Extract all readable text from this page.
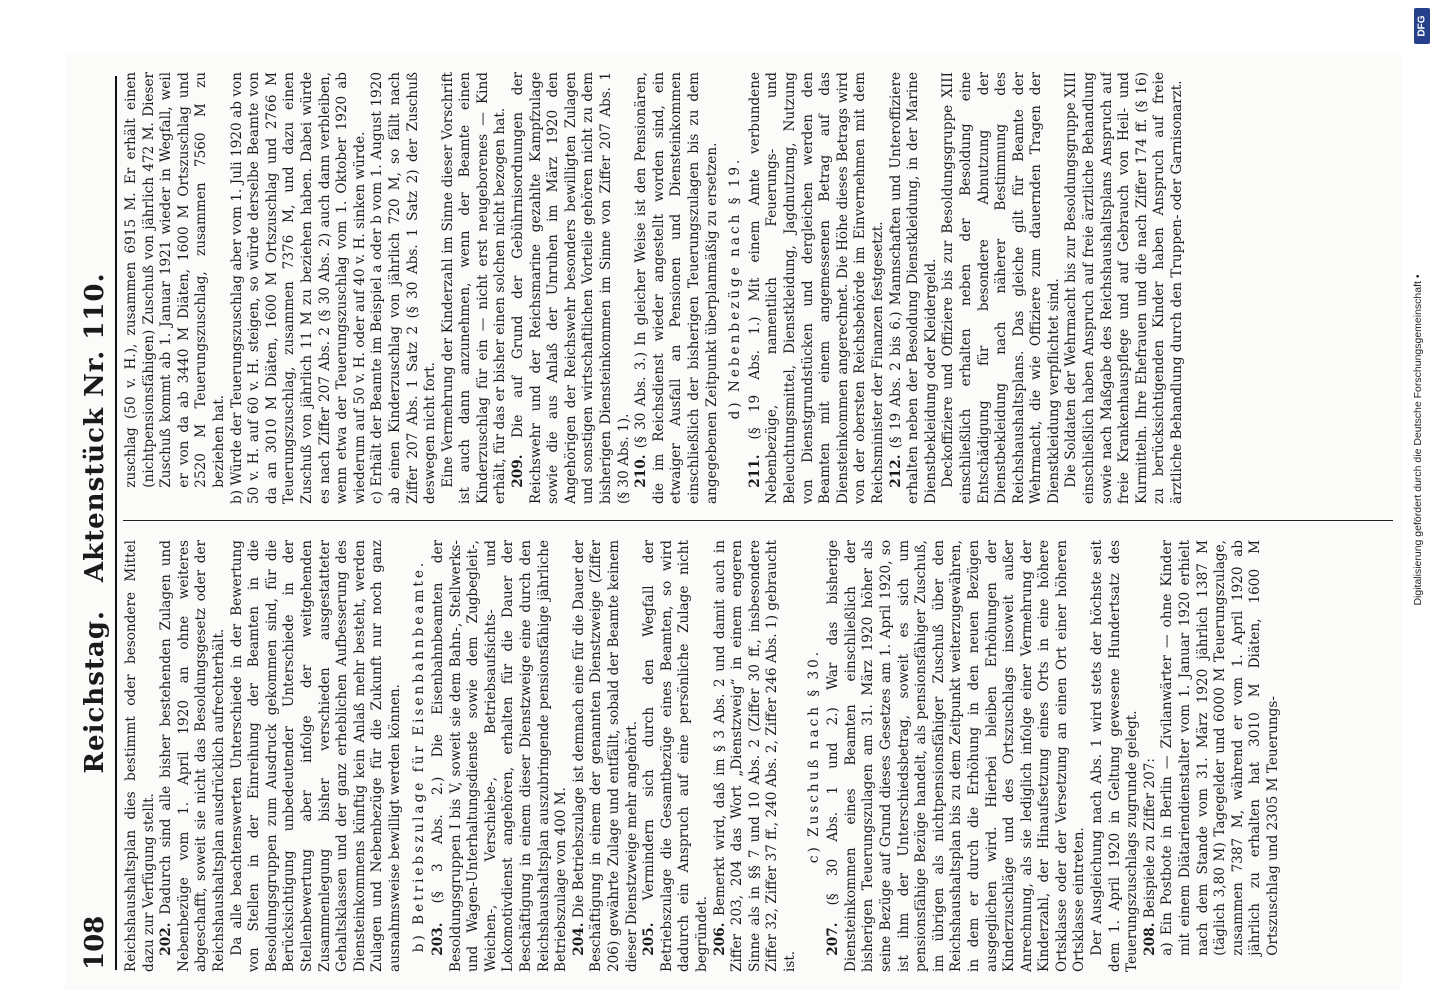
108
Reichstag.Aktenstück Nr. 110.

Reichshaushaltsplan dies bestimmt oder besondere Mittel dazu zur Verfügung stellt. 202. Dadurch sind alle bisher bestehenden Zulagen und Nebenbezüge vom 1. April 1920 an ohne weiteres abgeschafft, soweit sie nicht das Besoldungsgesetz oder der Reichshaushaltsplan ausdrücklich aufrechterhält. Da alle beachtenswerten Unterschiede in der Bewertung von Stellen in der Einreihung der Beamten in die Besoldungsgruppen zum Ausdruck gekommen sind, für die Berücksichtigung unbedeutender Unterschiede in der Stellenbewertung aber infolge der weitgehenden Zusammenlegung bisher verschieden ausgestatteter Gehaltsklassen und der ganz erheblichen Aufbesserung des Diensteinkommens künftig kein Anlaß mehr besteht, werden Zulagen und Nebenbezüge für die Zukunft nur noch ganz ausnahmsweise bewilligt werden können. b) Betriebszulage für Eisenbahnbeamte. 203. (§ 3 Abs. 2.) Die Eisenbahnbeamten der Besoldungsgruppen I bis V, soweit sie dem Bahn-, Stellwerks- und Wagen-Unterhaltungsdienste sowie dem Zugbegleit-, Weichen-, Verschiebe-, Betriebsaufsichts- und Lokomotivdienst angehören, erhalten für die Dauer der Beschäftigung in einem dieser Dienstzweige eine durch den Reichshaushaltsplan auszubringende pensionsfähige jährliche Betriebszulage von 400 M. 204. Die Betriebszulage ist demnach eine für die Dauer der Beschäftigung in einem der genannten Dienstzweige (Ziffer 206) gewährte Zulage und entfällt, sobald der Beamte keinem dieser Dienstzweige mehr angehört. 205. Vermindern sich durch den Wegfall der Betriebszulage die Gesamtbezüge eines Beamten, so wird dadurch ein Anspruch auf eine persönliche Zulage nicht begründet. 206. Bemerkt wird, daß im § 3 Abs. 2 und damit auch in Ziffer 203, 204 das Wort „Dienstzweig“ in einem engeren Sinne als in §§ 7 und 10 Abs. 2 (Ziffer 30 ff., insbesondere Ziffer 32, Ziffer 37 ff., 240 Abs. 2, Ziffer 246 Abs. 1) gebraucht ist.

c) Zuschuß nach § 30.

207. (§ 30 Abs. 1 und 2.) War das bisherige Diensteinkommen eines Beamten einschließlich der bisherigen Teuerungszulagen am 31. März 1920 höher als seine Bezüge auf Grund dieses Gesetzes am 1. April 1920, so ist ihm der Unterschiedsbetrag, soweit es sich um pensionsfähige Bezüge handelt, als pensionsfähiger Zuschuß, im übrigen als nichtpensionsfähiger Zuschuß über den Reichshaushaltsplan bis zu dem Zeitpunkt weiterzugewähren, in dem er durch die Erhöhung in den neuen Bezügen ausgeglichen wird. Hierbei bleiben Erhöhungen der Kinderzuschläge und des Ortszuschlags insoweit außer Anrechnung, als sie lediglich infolge einer Vermehrung der Kinderzahl, der Hinaufsetzung eines Orts in eine höhere Ortsklasse oder der Versetzung an einen Ort einer höheren Ortsklasse eintreten. Der Ausgleichung nach Abs. 1 wird stets der höchste seit dem 1. April 1920 in Geltung gewesene Hundertsatz des Teuerungszuschlags zugrunde gelegt. 208. Beispiele zu Ziffer 207: a) Ein Postbote in Berlin — Zivilanwärter — ohne Kinder mit einem Diätariendienstalter vom 1. Januar 1920 erhielt nach dem Stande vom 31. März 1920 jährlich 1387 M (täglich 3,80 M) Tagegelder und 6000 M Teuerungszulage, zusammen 7387 M, während er vom 1. April 1920 ab jährlich zu erhalten hat 3010 M Diäten, 1600 M Ortszuschlag und 2305 M Teuerungs-

zuschlag (50 v. H.), zusammen 6915 M. Er erhält einen (nichtpensionsfähigen) Zuschuß von jährlich 472 M. Dieser Zuschuß kommt ab 1. Januar 1921 wieder in Wegfall, weil er von da ab 3440 M Diäten, 1600 M Ortszuschlag und 2520 M Teuerungszuschlag, zusammen 7560 M zu beziehen hat. b) Würde der Teuerungszuschlag aber vom 1. Juli 1920 ab von 50 v. H. auf 60 v. H. steigen, so würde derselbe Beamte von da an 3010 M Diäten, 1600 M Ortszuschlag und 2766 M Teuerungszuschlag, zusammen 7376 M, und dazu einen Zuschuß von jährlich 11 M zu beziehen haben. Dabei würde es nach Ziffer 207 Abs. 2 (§ 30 Abs. 2) auch dann verbleiben, wenn etwa der Teuerungszuschlag vom 1. Oktober 1920 ab wiederum auf 50 v. H. oder auf 40 v. H. sinken würde. c) Erhält der Beamte im Beispiel a oder b vom 1. August 1920 ab einen Kinderzuschlag von jährlich 720 M, so fällt nach Ziffer 207 Abs. 1 Satz 2 (§ 30 Abs. 1 Satz 2) der Zuschuß deswegen nicht fort. Eine Vermehrung der Kinderzahl im Sinne dieser Vorschrift ist auch dann anzunehmen, wenn der Beamte einen Kinderzuschlag für ein — nicht erst neugeborenes — Kind erhält, für das er bisher einen solchen nicht bezogen hat. 209. Die auf Grund der Gebührnisordnungen der Reichswehr und der Reichsmarine gezahlte Kampfzulage sowie die aus Anlaß der Unruhen im März 1920 den Angehörigen der Reichswehr besonders bewilligten Zulagen und sonstigen wirtschaftlichen Vorteile gehören nicht zu dem bisherigen Diensteinkommen im Sinne von Ziffer 207 Abs. 1 (§ 30 Abs. 1). 210. (§ 30 Abs. 3.) In gleicher Weise ist den Pensionären, die im Reichsdienst wieder angestellt worden sind, ein etwaiger Ausfall an Pensionen und Diensteinkommen einschließlich der bisherigen Teuerungszulagen bis zu dem angegebenen Zeitpunkt überplanmäßig zu ersetzen. d) Nebenbezüge nach § 19.

211. (§ 19 Abs. 1.) Mit einem Amte verbundene Nebenbezüge, namentlich Feuerungs- und Beleuchtungsmittel, Dienstkleidung, Jagdnutzung, Nutzung von Dienstgrundstücken und dergleichen werden den Beamten mit einem angemessenen Betrag auf das Diensteinkommen angerechnet. Die Höhe dieses Betrags wird von der obersten Reichsbehörde im Einvernehmen mit dem Reichsminister der Finanzen festgesetzt. 212. (§ 19 Abs. 2 bis 6.) Mannschaften und Unteroffiziere erhalten neben der Besoldung Dienstkleidung, in der Marine Dienstbekleidung oder Kleidergeld. Deckoffiziere und Offiziere bis zur Besoldungsgruppe XIII einschließlich erhalten neben der Besoldung eine Entschädigung für besondere Abnutzung der Dienstbekleidung nach näherer Bestimmung des Reichshaushaltsplans. Das gleiche gilt für Beamte der Wehrmacht, die wie Offiziere zum dauernden Tragen der Dienstkleidung verpflichtet sind. Die Soldaten der Wehrmacht bis zur Besoldungsgruppe XIII einschließlich haben Anspruch auf freie ärztliche Behandlung sowie nach Maßgabe des Reichshaushaltsplans Anspruch auf freie Krankenhauspflege und auf Gebrauch von Heil- und Kurmitteln. Ihre Ehefrauen und die nach Ziffer 174 ff. (§ 16) zu berücksichtigenden Kinder haben Anspruch auf freie ärztliche Behandlung durch den Truppen- oder Garnisonarzt.

DFG
Digitalisierung gefördert durch die Deutsche Forschungsgemeinschaft •
